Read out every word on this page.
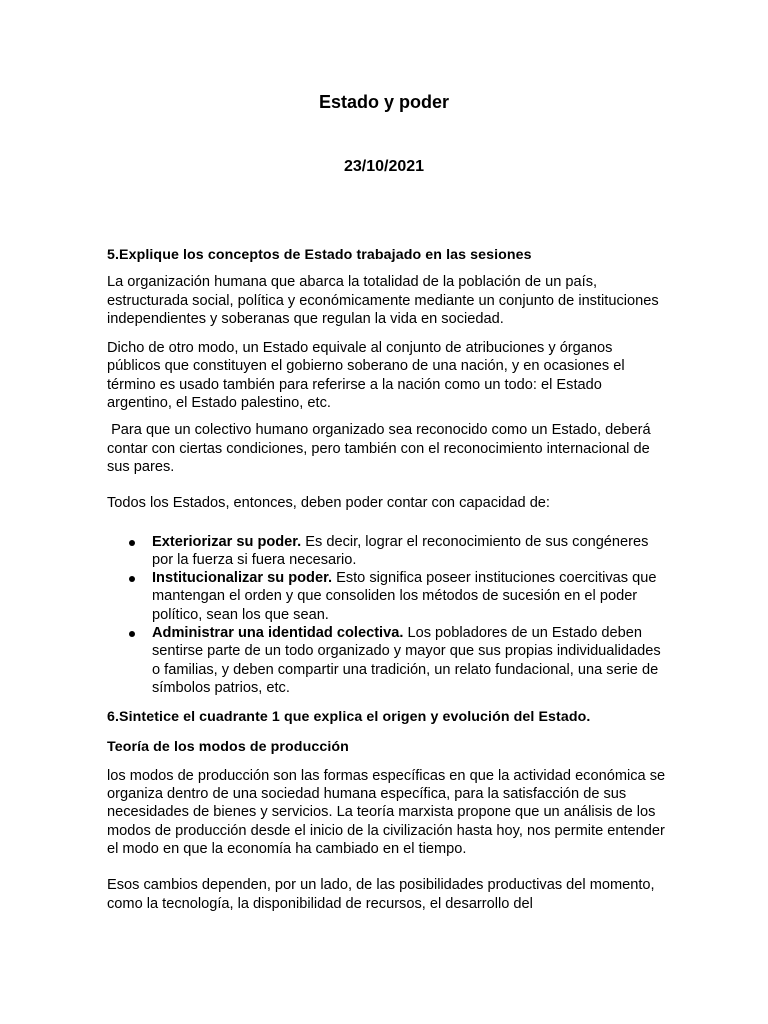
Estado y poder
23/10/2021

5.Explique los conceptos de Estado trabajado en las sesiones

La organización humana que abarca la totalidad de la población de un país, estructurada social, política y económicamente mediante un conjunto de instituciones independientes y soberanas que regulan la vida en sociedad.

Dicho de otro modo, un Estado equivale al conjunto de atribuciones y órganos públicos que constituyen el gobierno soberano de una nación, y en ocasiones el término es usado también para referirse a la nación como un todo: el Estado argentino, el Estado palestino, etc.

Para que un colectivo humano organizado sea reconocido como un Estado, deberá contar con ciertas condiciones, pero también con el reconocimiento internacional de sus pares.

Todos los Estados, entonces, deben poder contar con capacidad de:

Exteriorizar su poder. Es decir, lograr el reconocimiento de sus congéneres por la fuerza si fuera necesario.
Institucionalizar su poder. Esto significa poseer instituciones coercitivas que mantengan el orden y que consoliden los métodos de sucesión en el poder político, sean los que sean.
Administrar una identidad colectiva. Los pobladores de un Estado deben sentirse parte de un todo organizado y mayor que sus propias individualidades o familias, y deben compartir una tradición, un relato fundacional, una serie de símbolos patrios, etc.

6.Sintetice el cuadrante 1 que explica el origen y evolución del Estado.

Teoría de los modos de producción

los modos de producción son las formas específicas en que la actividad económica se organiza dentro de una sociedad humana específica, para la satisfacción de sus necesidades de bienes y servicios. La teoría marxista propone que un análisis de los modos de producción desde el inicio de la civilización hasta hoy, nos permite entender el modo en que la economía ha cambiado en el tiempo.

Esos cambios dependen, por un lado, de las posibilidades productivas del momento, como la tecnología, la disponibilidad de recursos, el desarrollo del
